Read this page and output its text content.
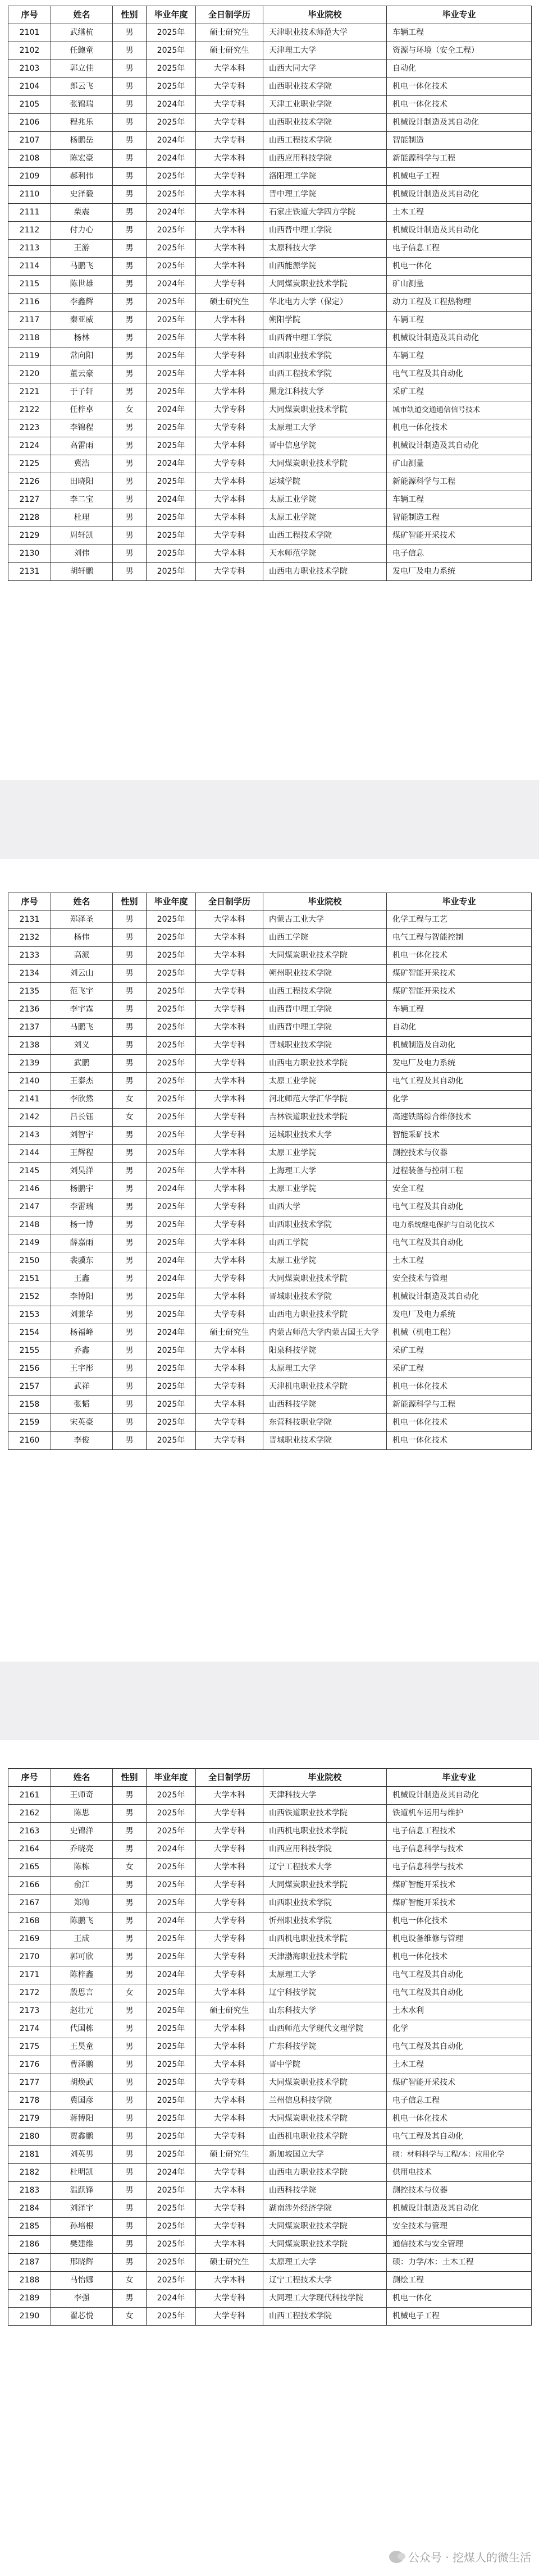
序号	姓名	性别	毕业年度	全日制学历	毕业院校	毕业专业
2101	武继杭	男	2025年	硕士研究生	天津职业技术师范大学	车辆工程
2102	任鲍童	男	2025年	硕士研究生	天津理工大学	资源与环境（安全工程）
2103	郭立佳	男	2025年	大学本科	山西大同大学	自动化
2104	郎云飞	男	2025年	大学专科	山西职业技术学院	机电一体化技术
2105	张锦瑞	男	2024年	大学专科	天津工业职业学院	机电一体化技术
2106	程兆乐	男	2025年	大学专科	山西职业技术学院	机械设计制造及其自动化
2107	杨鹏岳	男	2024年	大学专科	山西工程技术学院	智能制造
2108	陈宏豪	男	2024年	大学本科	山西应用科技学院	新能源科学与工程
2109	郝利伟	男	2025年	大学专科	洛阳理工学院	机械电子工程
2110	史泽毅	男	2025年	大学本科	晋中理工学院	机械设计制造及其自动化
2111	栗震	男	2024年	大学本科	石家庄铁道大学四方学院	土木工程
2112	付力心	男	2025年	大学本科	山西晋中理工学院	机械设计制造及其自动化
2113	王游	男	2025年	大学本科	太原科技大学	电子信息工程
2114	马鹏飞	男	2025年	大学本科	山西能源学院	机电一体化
2115	陈世雄	男	2024年	大学专科	大同煤炭职业技术学院	矿山测量
2116	李鑫辉	男	2025年	硕士研究生	华北电力大学（保定）	动力工程及工程热物理
2117	秦亚威	男	2025年	大学本科	朔阳学院	车辆工程
2118	杨林	男	2025年	大学本科	山西晋中理工学院	机械设计制造及其自动化
2119	常向阳	男	2025年	大学专科	山西职业技术学院	车辆工程
2120	董云豪	男	2025年	大学本科	山西工程技术学院	电气工程及其自动化
2121	于子轩	男	2025年	大学本科	黑龙江科技大学	采矿工程
2122	任梓卓	女	2024年	大学专科	大同煤炭职业技术学院	城市轨道交通通信信号技术
2123	李锦程	男	2025年	大学专科	太原理工大学	机电一体化技术
2124	高雷雨	男	2025年	大学本科	晋中信息学院	机械设计制造及其自动化
2125	冀浩	男	2024年	大学专科	大同煤炭职业技术学院	矿山测量
2126	田晓阳	男	2025年	大学本科	运城学院	新能源科学与工程
2127	李二宝	男	2024年	大学本科	太原工业学院	车辆工程
2128	杜理	男	2025年	大学本科	太原工业学院	智能制造工程
2129	周轩凯	男	2025年	大学专科	山西工程技术学院	煤矿智能开采技术
2130	刘伟	男	2025年	大学本科	天水师范学院	电子信息
2131	胡轩鹏	男	2025年	大学专科	山西电力职业技术学院	发电厂及电力系统
序号	姓名	性别	毕业年度	全日制学历	毕业院校	毕业专业
2131	郑泽圣	男	2025年	大学本科	内蒙古工业大学	化学工程与工艺
2132	杨伟	男	2025年	大学本科	山西工学院	电气工程与智能控制
2133	高派	男	2025年	大学本科	大同煤炭职业技术学院	机电一体化技术
2134	刘云山	男	2025年	大学专科	朔州职业技术学院	煤矿智能开采技术
2135	范飞宇	男	2025年	大学专科	山西工程技术学院	煤矿智能开采技术
2136	李宇霖	男	2025年	大学专科	山西晋中理工学院	车辆工程
2137	马鹏飞	男	2025年	大学本科	山西晋中理工学院	自动化
2138	刘义	男	2025年	大学专科	晋城职业技术学院	机械制造及自动化
2139	武鹏	男	2025年	大学专科	山西电力职业技术学院	发电厂及电力系统
2140	王泰杰	男	2025年	大学本科	太原工业学院	电气工程及其自动化
2141	李欣然	女	2025年	大学本科	河北师范大学汇华学院	化学
2142	吕长钰	女	2025年	大学专科	吉林铁道职业技术学院	高速铁路综合维修技术
2143	刘智宇	男	2025年	大学专科	运城职业技术大学	智能采矿技术
2144	王辉程	男	2025年	大学本科	太原工业学院	测控技术与仪器
2145	刘昊洋	男	2025年	大学本科	上海理工大学	过程装备与控制工程
2146	杨鹏宇	男	2024年	大学本科	太原工业学院	安全工程
2147	李雷瑞	男	2025年	大学专科	山西大学	电气工程及其自动化
2148	杨一博	男	2025年	大学专科	山西职业技术学院	电力系统继电保护与自动化技术
2149	薛嘉雨	男	2025年	大学本科	山西工学院	电气工程及其自动化
2150	裴骥东	男	2024年	大学本科	太原工业学院	土木工程
2151	王鑫	男	2024年	大学专科	大同煤炭职业技术学院	安全技术与管理
2152	李博阳	男	2025年	大学本科	晋城职业技术学院	机械设计制造及其自动化
2153	刘兼华	男	2025年	大学专科	山西电力职业技术学院	发电厂及电力系统
2154	杨福峰	男	2024年	硕士研究生	内蒙古师范大学内蒙古国王大学	机械（机电工程）
2155	乔鑫	男	2025年	大学本科	阳泉科技学院	采矿工程
2156	王宇彤	男	2025年	大学本科	太原理工大学	采矿工程
2157	武祥	男	2025年	大学专科	天津机电职业技术学院	机电一体化技术
2158	张韬	男	2025年	大学本科	山西科技学院	新能源科学与工程
2159	宋英豪	男	2025年	大学专科	东营科技职业学院	机电一体化技术
2160	李俊	男	2025年	大学专科	晋城职业技术学院	机电一体化技术
序号	姓名	性别	毕业年度	全日制学历	毕业院校	毕业专业
2161	王师奇	男	2025年	大学本科	天津科技大学	机械设计制造及其自动化
2162	陈思	男	2025年	大学专科	山西铁道职业技术学院	铁道机车运用与维护
2163	史锦洋	男	2025年	大学专科	山西机电职业技术学院	电子信息工程技术
2164	乔晓亮	男	2024年	大学专科	山西应用科技学院	电子信息科学与技术
2165	陈栋	女	2025年	大学本科	辽宁工程技术大学	电子信息科学与技术
2166	俞江	男	2025年	大学专科	大同煤炭职业技术学院	煤矿智能开采技术
2167	郑帅	男	2025年	大学专科	山西职业技术学院	煤矿智能开采技术
2168	陈鹏飞	男	2024年	大学专科	忻州职业技术学院	机电一体化技术
2169	王成	男	2025年	大学专科	山西机电职业技术学院	机电设备维修与管理
2170	郭可欣	男	2025年	大学专科	天津渤海职业技术学院	机电一体化技术
2171	陈梓鑫	男	2024年	大学专科	太原理工大学	电气工程及其自动化
2172	殷思言	女	2025年	大学本科	辽宁科技学院	电气工程及其自动化
2173	赵壮元	男	2025年	硕士研究生	山东科技大学	土木水利
2174	代国栋	男	2025年	大学本科	山西师范大学现代文理学院	化学
2175	王昊童	男	2025年	大学本科	广东科技学院	电气工程及其自动化
2176	曹泽鹏	男	2025年	大学本科	晋中学院	土木工程
2177	胡焕武	男	2025年	大学专科	大同煤炭职业技术学院	煤矿智能开采技术
2178	冀国彦	男	2025年	大学本科	兰州信息科技学院	电子信息工程
2179	蒋博阳	男	2025年	大学本科	大同煤炭职业技术学院	机电一体化技术
2180	贾鑫鹏	男	2025年	大学专科	山西机电职业技术学院	电气工程及其自动化
2181	刘英男	男	2025年	硕士研究生	新加坡国立大学	硕：材料科学与工程/本：应用化学
2182	杜明凯	男	2024年	大学专科	山西电力职业技术学院	供用电技术
2183	温跃锋	男	2025年	大学本科	山西科技学院	测控技术与仪器
2184	刘泽宇	男	2025年	大学专科	湖南涉外经济学院	机械设计制造及其自动化
2185	孙培根	男	2025年	大学专科	大同煤炭职业技术学院	安全技术与管理
2186	樊建维	男	2025年	大学本科	大同煤炭职业技术学院	通信技术与安全管理
2187	邢晓辉	男	2025年	硕士研究生	太原理工大学	硕：力学/本：土木工程
2188	马怡娜	女	2025年	大学本科	辽宁工程技术大学	测绘工程
2189	李强	男	2024年	大学专科	大同理工大学现代科技学院	机电一体化
2190	翟芯悦	女	2025年	大学专科	山西工程技术学院	机械电子工程
公众号 · 挖煤人的微生活
